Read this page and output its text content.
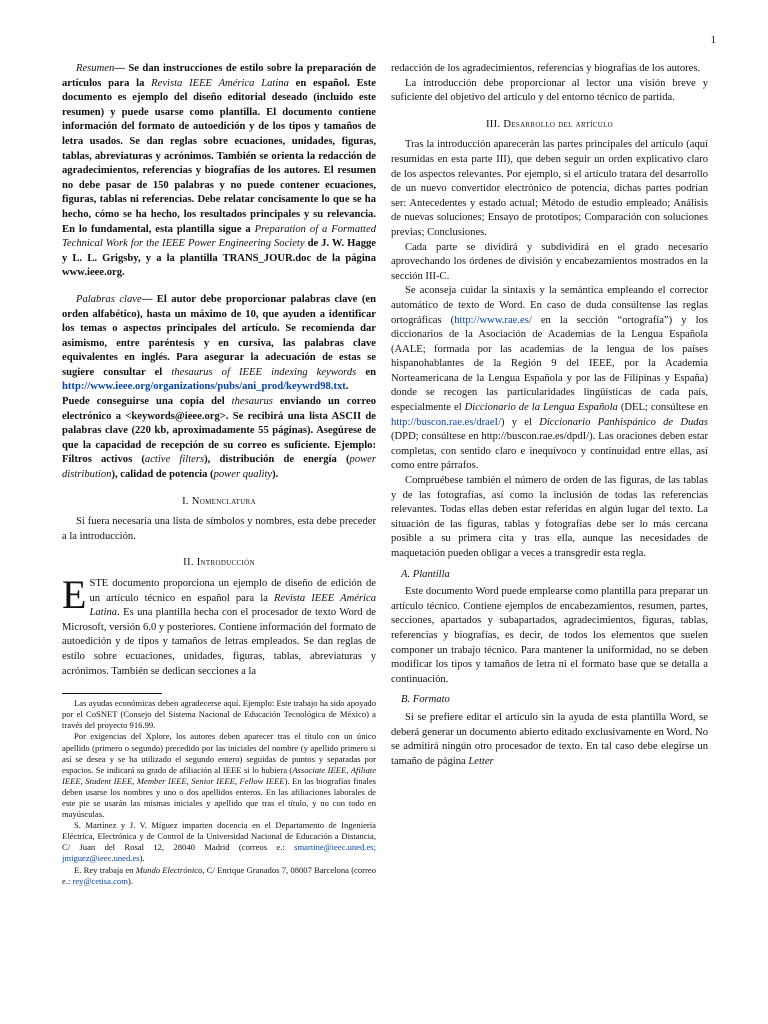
1

Resumen— Se dan instrucciones de estilo sobre la preparación de artículos para la Revista IEEE América Latina en español. Este documento es ejemplo del diseño editorial deseado (incluido este resumen) y puede usarse como plantilla. El documento contiene información del formato de autoedición y de los tipos y tamaños de letra usados. Se dan reglas sobre ecuaciones, unidades, figuras, tablas, abreviaturas y acrónimos. También se orienta la redacción de agradecimientos, referencias y biografías de los autores. El resumen no debe pasar de 150 palabras y no puede contener ecuaciones, figuras, tablas ni referencias. Debe relatar concisamente lo que se ha hecho, cómo se ha hecho, los resultados principales y su relevancia. En lo fundamental, esta plantilla sigue a Preparation of a Formatted Technical Work for the IEEE Power Engineering Society de J. W. Hagge y L. L. Grigsby, y a la plantilla TRANS_JOUR.doc de la página www.ieee.org.

Palabras clave— El autor debe proporcionar palabras clave (en orden alfabético), hasta un máximo de 10, que ayuden a identificar los temas o aspectos principales del artículo. Se recomienda dar asimismo, entre paréntesis y en cursiva, las palabras clave equivalentes en inglés. Para asegurar la adecuación de estas se sugiere consultar el thesaurus of IEEE indexing keywords en http://www.ieee.org/organizations/pubs/ani_prod/keywrd98.txt. Puede conseguirse una copia del thesaurus enviando un correo electrónico a <keywords@ieee.org>. Se recibirá una lista ASCII de palabras clave (220 kb, aproximadamente 55 páginas). Asegúrese de que la capacidad de recepción de su correo es suficiente. Ejemplo: Filtros activos (active filters), distribución de energía (power distribution), calidad de potencia (power quality).

I. Nomenclatura

Si fuera necesaria una lista de símbolos y nombres, esta debe preceder a la introducción.

II. Introducción

ESTE documento proporciona un ejemplo de diseño de edición de un artículo técnico en español para la Revista IEEE América Latina. Es una plantilla hecha con el procesador de texto Word de Microsoft, versión 6.0 y posteriores. Contiene información del formato de autoedición y de tipos y tamaños de letras empleados. Se dan reglas de estilo sobre ecuaciones, unidades, figuras, tablas, abreviaturas y acrónimos. También se dedican secciones a la

Las ayudas económicas deben agradecerse aquí. Ejemplo: Este trabajo ha sido apoyado por el CoSNET (Consejo del Sistema Nacional de Educación Tecnológica de México) a través del proyecto 916.99.

Por exigencias del Xplore, los autores deben aparecer tras el título con un único apellido (primero o segundo) precedido por las iniciales del nombre (y apellido primero si así se desea y se ha utilizado el segundo entero) seguidas de puntos y separadas por espacios. Se indicará su grado de afiliación al IEEE si lo hubiera (Associate IEEE, Afiliate IEEE, Student IEEE, Member IEEE, Senior IEEE, Fellow IEEE). En las biografías finales deben usarse los nombres y uno o dos apellidos enteros. En las afiliaciones laborales de este pie se usarán las mismas iniciales y apellido que tras el título, y no con todo en mayúsculas.

S. Martínez y J. V. Míguez imparten docencia en el Departamento de Ingeniería Eléctrica, Electrónica y de Control de la Universidad Nacional de Educación a Distancia, C/ Juan del Rosal 12, 28040 Madrid (correos e.: smartine@ieec.uned.es; jmiguez@ieec.uned.es).

E. Rey trabaja en Mundo Electrónico, C/ Enrique Granados 7, 08007 Barcelona (correo e.: rey@cetisa.com).

redacción de los agradecimientos, referencias y biografías de los autores.

La introducción debe proporcionar al lector una visión breve y suficiente del objetivo del artículo y del entorno técnico de partida.

III. Desarrollo del artículo

Tras la introducción aparecerán las partes principales del artículo (aquí resumidas en esta parte III), que deben seguir un orden explicativo claro de los aspectos relevantes. Por ejemplo, si el artículo tratara del desarrollo de un nuevo convertidor electrónico de potencia, dichas partes podrían ser: Antecedentes y estado actual; Método de estudio empleado; Análisis de nuevas soluciones; Ensayo de prototipos; Comparación con soluciones previas; Conclusiones.

Cada parte se dividirá y subdividirá en el grado necesario aprovechando los órdenes de división y encabezamientos mostrados en la sección III-C.

Se aconseja cuidar la sintaxis y la semántica empleando el corrector automático de texto de Word. En caso de duda consúltense las reglas ortográficas (http://www.rae.es/ en la sección “ortografía”) y los diccionarios de la Asociación de Academias de la Lengua Española (AALE; formada por las academias de la lengua de los países hispanohablantes de la Región 9 del IEEE, por la Academia Norteamericana de la Lengua Española y por las de Filipinas y España) donde se recogen las particularidades lingüísticas de cada país, especialmente el Diccionario de la Lengua Española (DEL; consúltese en http://buscon.rae.es/draeI/) y el Diccionario Panhispánico de Dudas (DPD; consúltese en http://buscon.rae.es/dpdI/). Las oraciones deben estar completas, con sentido claro e inequívoco y continuidad entre ellas, así como entre párrafos.

Compruébese también el número de orden de las figuras, de las tablas y de las fotografías, así como la inclusión de todas las referencias relevantes. Todas ellas deben estar referidas en algún lugar del texto. La situación de las figuras, tablas y fotografías debe ser lo más cercana posible a su primera cita y tras ella, aunque las necesidades de maquetación pueden obligar a veces a transgredir esta regla.

A. Plantilla

Este documento Word puede emplearse como plantilla para preparar un artículo técnico. Contiene ejemplos de encabezamientos, resumen, partes, secciones, apartados y subapartados, agradecimientos, figuras, tablas, referencias y biografías, es decir, de todos los elementos que suelen componer un trabajo técnico. Para mantener la uniformidad, no se deben modificar los tipos y tamaños de letra ni el formato base que se detalla a continuación.

B. Formato

Si se prefiere editar el artículo sin la ayuda de esta plantilla Word, se deberá generar un documento abierto editado exclusivamente en Word. No se admitirá ningún otro procesador de texto. En tal caso debe elegirse un tamaño de página Letter
